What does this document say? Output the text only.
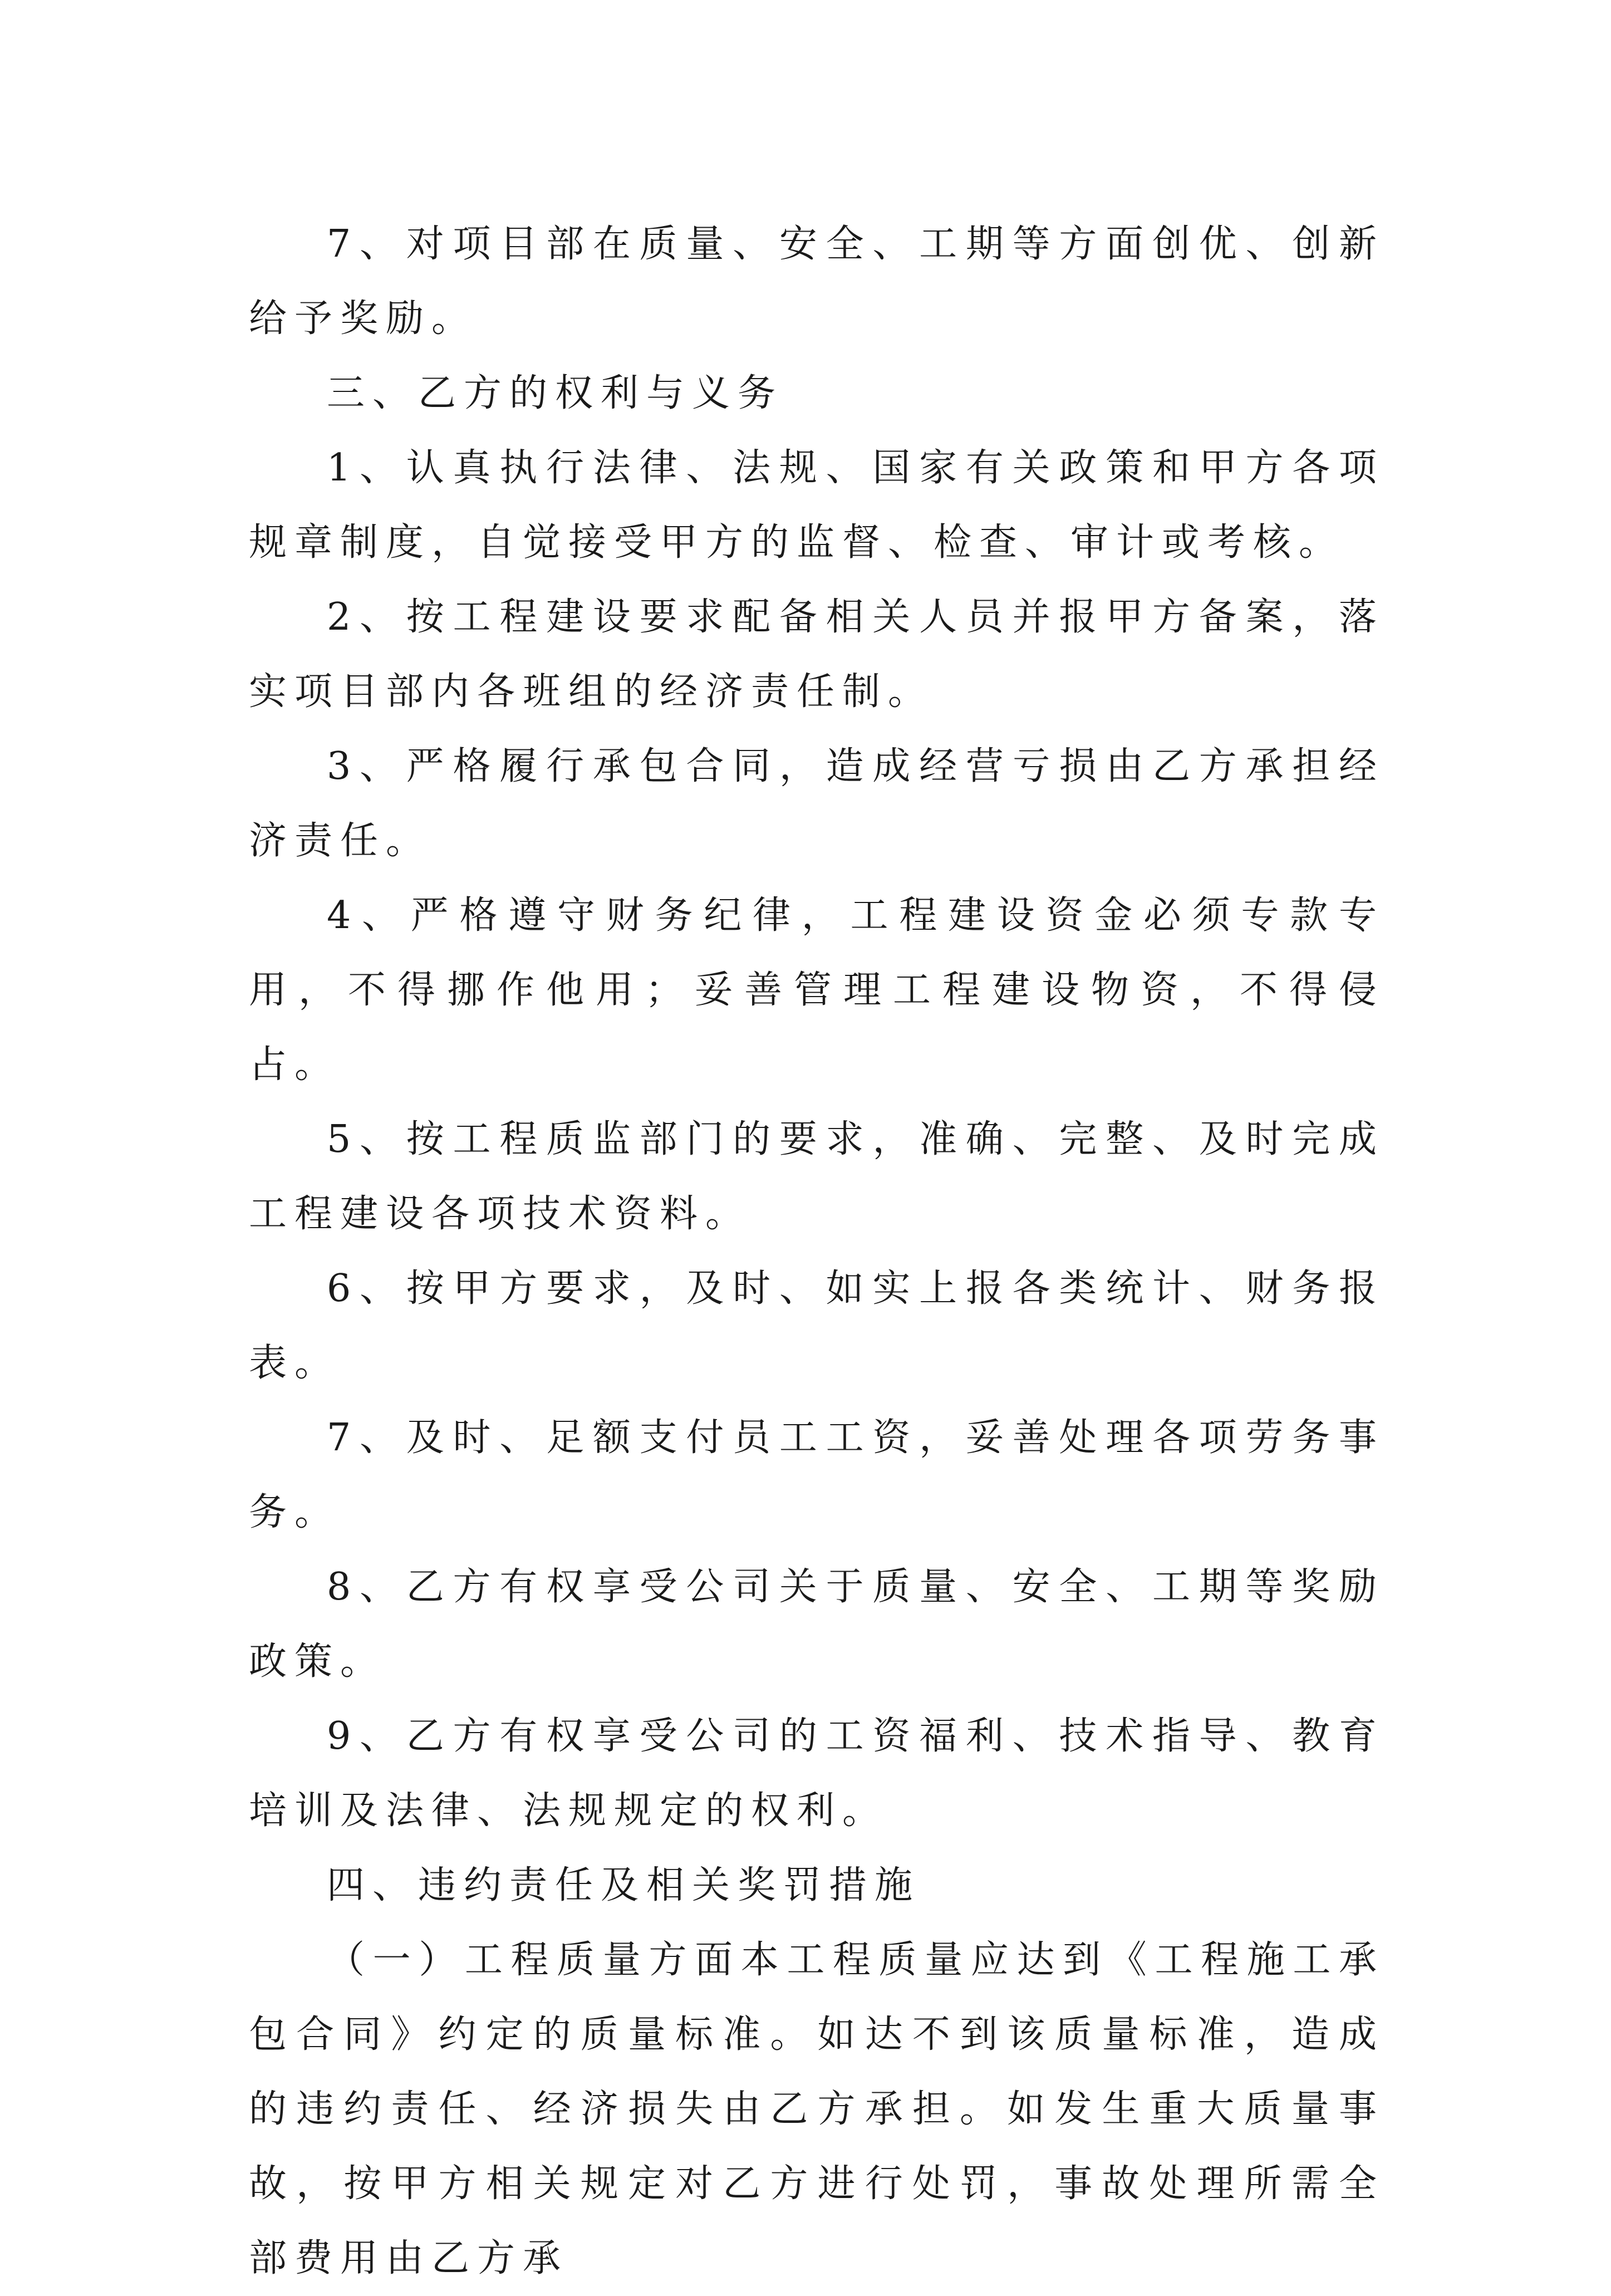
7、对项目部在质量、安全、工期等方面创优、创新给予奖励。

三、乙方的权利与义务

1、认真执行法律、法规、国家有关政策和甲方各项规章制度，自觉接受甲方的监督、检查、审计或考核。

2、按工程建设要求配备相关人员并报甲方备案，落实项目部内各班组的经济责任制。

3、严格履行承包合同，造成经营亏损由乙方承担经济责任。

4、严格遵守财务纪律，工程建设资金必须专款专用，不得挪作他用；妥善管理工程建设物资，不得侵占。

5、按工程质监部门的要求，准确、完整、及时完成工程建设各项技术资料。

6、按甲方要求，及时、如实上报各类统计、财务报表。

7、及时、足额支付员工工资，妥善处理各项劳务事务。

8、乙方有权享受公司关于质量、安全、工期等奖励政策。

9、乙方有权享受公司的工资福利、技术指导、教育培训及法律、法规规定的权利。

四、违约责任及相关奖罚措施

（一）工程质量方面本工程质量应达到《工程施工承包合同》约定的质量标准。如达不到该质量标准，造成的违约责任、经济损失由乙方承担。如发生重大质量事故，按甲方相关规定对乙方进行处罚，事故处理所需全部费用由乙方承
